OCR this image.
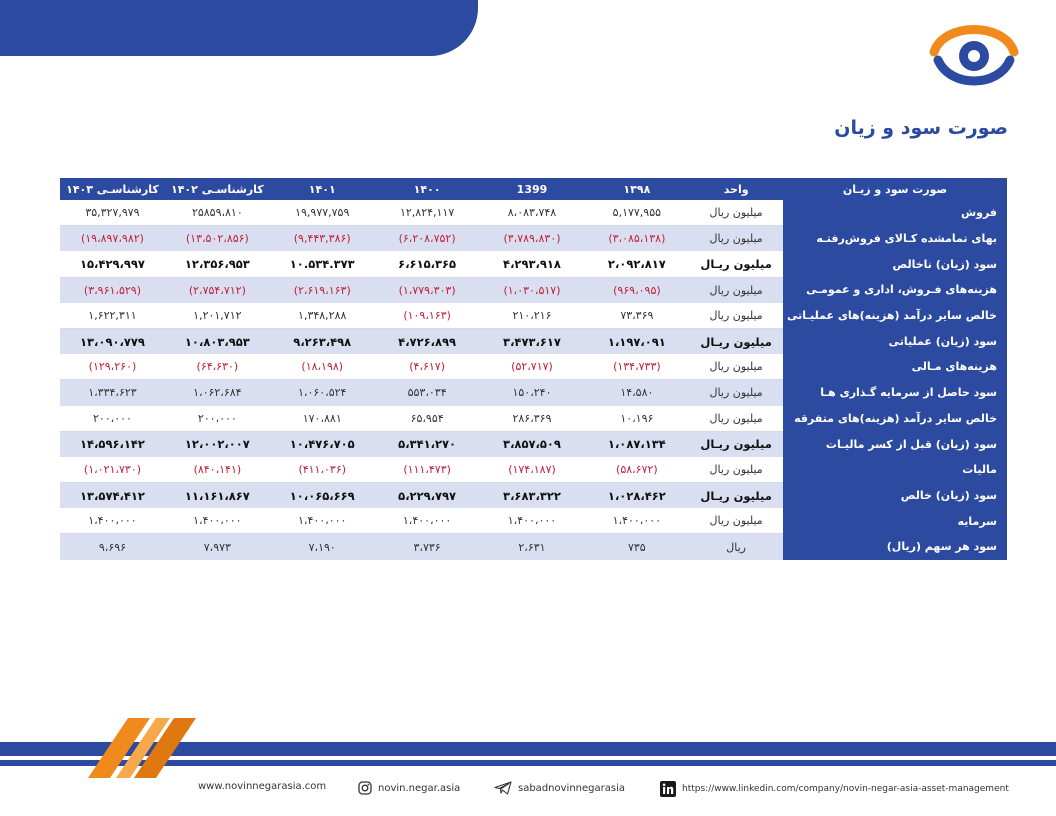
صورت سود و زیان
صورت سود و زیـان	واحد	۱۳۹۸	1399	۱۴۰۰	۱۴۰۱	کارشناسـی ۱۴۰۲	کارشناسـی ۱۴۰۳
فروش	میلیون ریال	۵,۱۷۷,۹۵۵	۸،۰۸۳،۷۴۸	۱۲,۸۲۴,۱۱۷	۱۹,۹۷۷,۷۵۹	۲۵۸۵۹،۸۱۰	۳۵,۳۲۷,۹۷۹
بهای تمامشده کـالای فروش‌رفتـه	میلیون ریال	(۳،۰۸۵،۱۳۸)	(۳،۷۸۹،۸۳۰)	(۶،۲۰۸،۷۵۲)	(۹,۴۴۳,۳۸۶)	(۱۳،۵۰۲،۸۵۶)	(۱۹،۸۹۷،۹۸۲)
سود (زیان) ناخالص	میلیون ریـال	۲،۰۹۲،۸۱۷	۴،۲۹۳،۹۱۸	۶،۶۱۵،۳۶۵	۱۰.۵۳۴.۳۷۳	۱۲،۳۵۶،۹۵۳	۱۵،۴۲۹،۹۹۷
هزینه‌های فـروش، اداری و عمومـی	میلیون ریال	(۹۶۹،۰۹۵)	(۱،۰۳۰،۵۱۷)	(۱،۷۷۹،۳۰۳)	(۲،۶۱۹،۱۶۳)	(۲،۷۵۴،۷۱۲)	(۳،۹۶۱،۵۲۹)
خالص سایر درآمد (هزینه)های عملیـاتی	میلیون ریال	۷۳،۳۶۹	۲۱۰،۲۱۶	(۱۰۹،۱۶۳)	۱,۳۴۸,۲۸۸	۱,۲۰۱,۷۱۲	۱,۶۲۲,۳۱۱
سود (زیان) عملیاتی	میلیون ریـال	۱،۱۹۷،۰۹۱	۳،۴۷۳،۶۱۷	۴،۷۲۶،۸۹۹	۹،۲۶۳،۴۹۸	۱۰،۸۰۳،۹۵۳	۱۳،۰۹۰،۷۷۹
هزینه‌های مـالی	میلیون ریال	(۱۳۴،۷۳۳)	(۵۲،۷۱۷)	(۴،۶۱۷)	(۱۸،۱۹۸)	(۶۴،۶۳۰)	(۱۲۹،۲۶۰)
سود حاصل از سرمایه گـذاری هـا	میلیون ریال	۱۴،۵۸۰	۱۵۰،۲۴۰	۵۵۳،۰۳۴	۱،۰۶۰،۵۲۴	۱،۰۶۲،۶۸۴	۱،۳۳۴،۶۲۳
خالص سایر درآمد (هزینه)های متفرقه	میلیون ریال	۱۰،۱۹۶	۲۸۶،۳۶۹	۶۵،۹۵۴	۱۷۰،۸۸۱	۲۰۰،۰۰۰	۲۰۰،۰۰۰
سود (زیان) قبل از کسر مالیـات	میلیون ریـال	۱،۰۸۷،۱۳۴	۳،۸۵۷،۵۰۹	۵،۳۴۱،۲۷۰	۱۰،۴۷۶،۷۰۵	۱۲،۰۰۲،۰۰۷	۱۴،۵۹۶،۱۴۲
مالیات	میلیون ریال	(۵۸،۶۷۲)	(۱۷۴،۱۸۷)	(۱۱۱،۴۷۳)	(۴۱۱،۰۳۶)	(۸۴۰،۱۴۱)	(۱،۰۲۱،۷۳۰)
سود (زیان) خالص	میلیون ریـال	۱،۰۲۸،۴۶۲	۳،۶۸۳،۳۲۲	۵،۲۲۹،۷۹۷	۱۰،۰۶۵،۶۶۹	۱۱،۱۶۱،۸۶۷	۱۳،۵۷۴،۴۱۲
سرمایه	میلیون ریال	۱،۴۰۰،۰۰۰	۱،۴۰۰،۰۰۰	۱،۴۰۰،۰۰۰	۱،۴۰۰،۰۰۰	۱،۴۰۰،۰۰۰	۱،۴۰۰،۰۰۰
سود هر سهم (ریال)	ریال	۷۳۵	۲،۶۳۱	۳،۷۳۶	۷،۱۹۰	۷،۹۷۳	۹،۶۹۶
www.novinnegarasia.com	novin.negar.asia	sabadnovinnegarasia	https://www.linkedin.com/company/novin-negar-asia-asset-management
